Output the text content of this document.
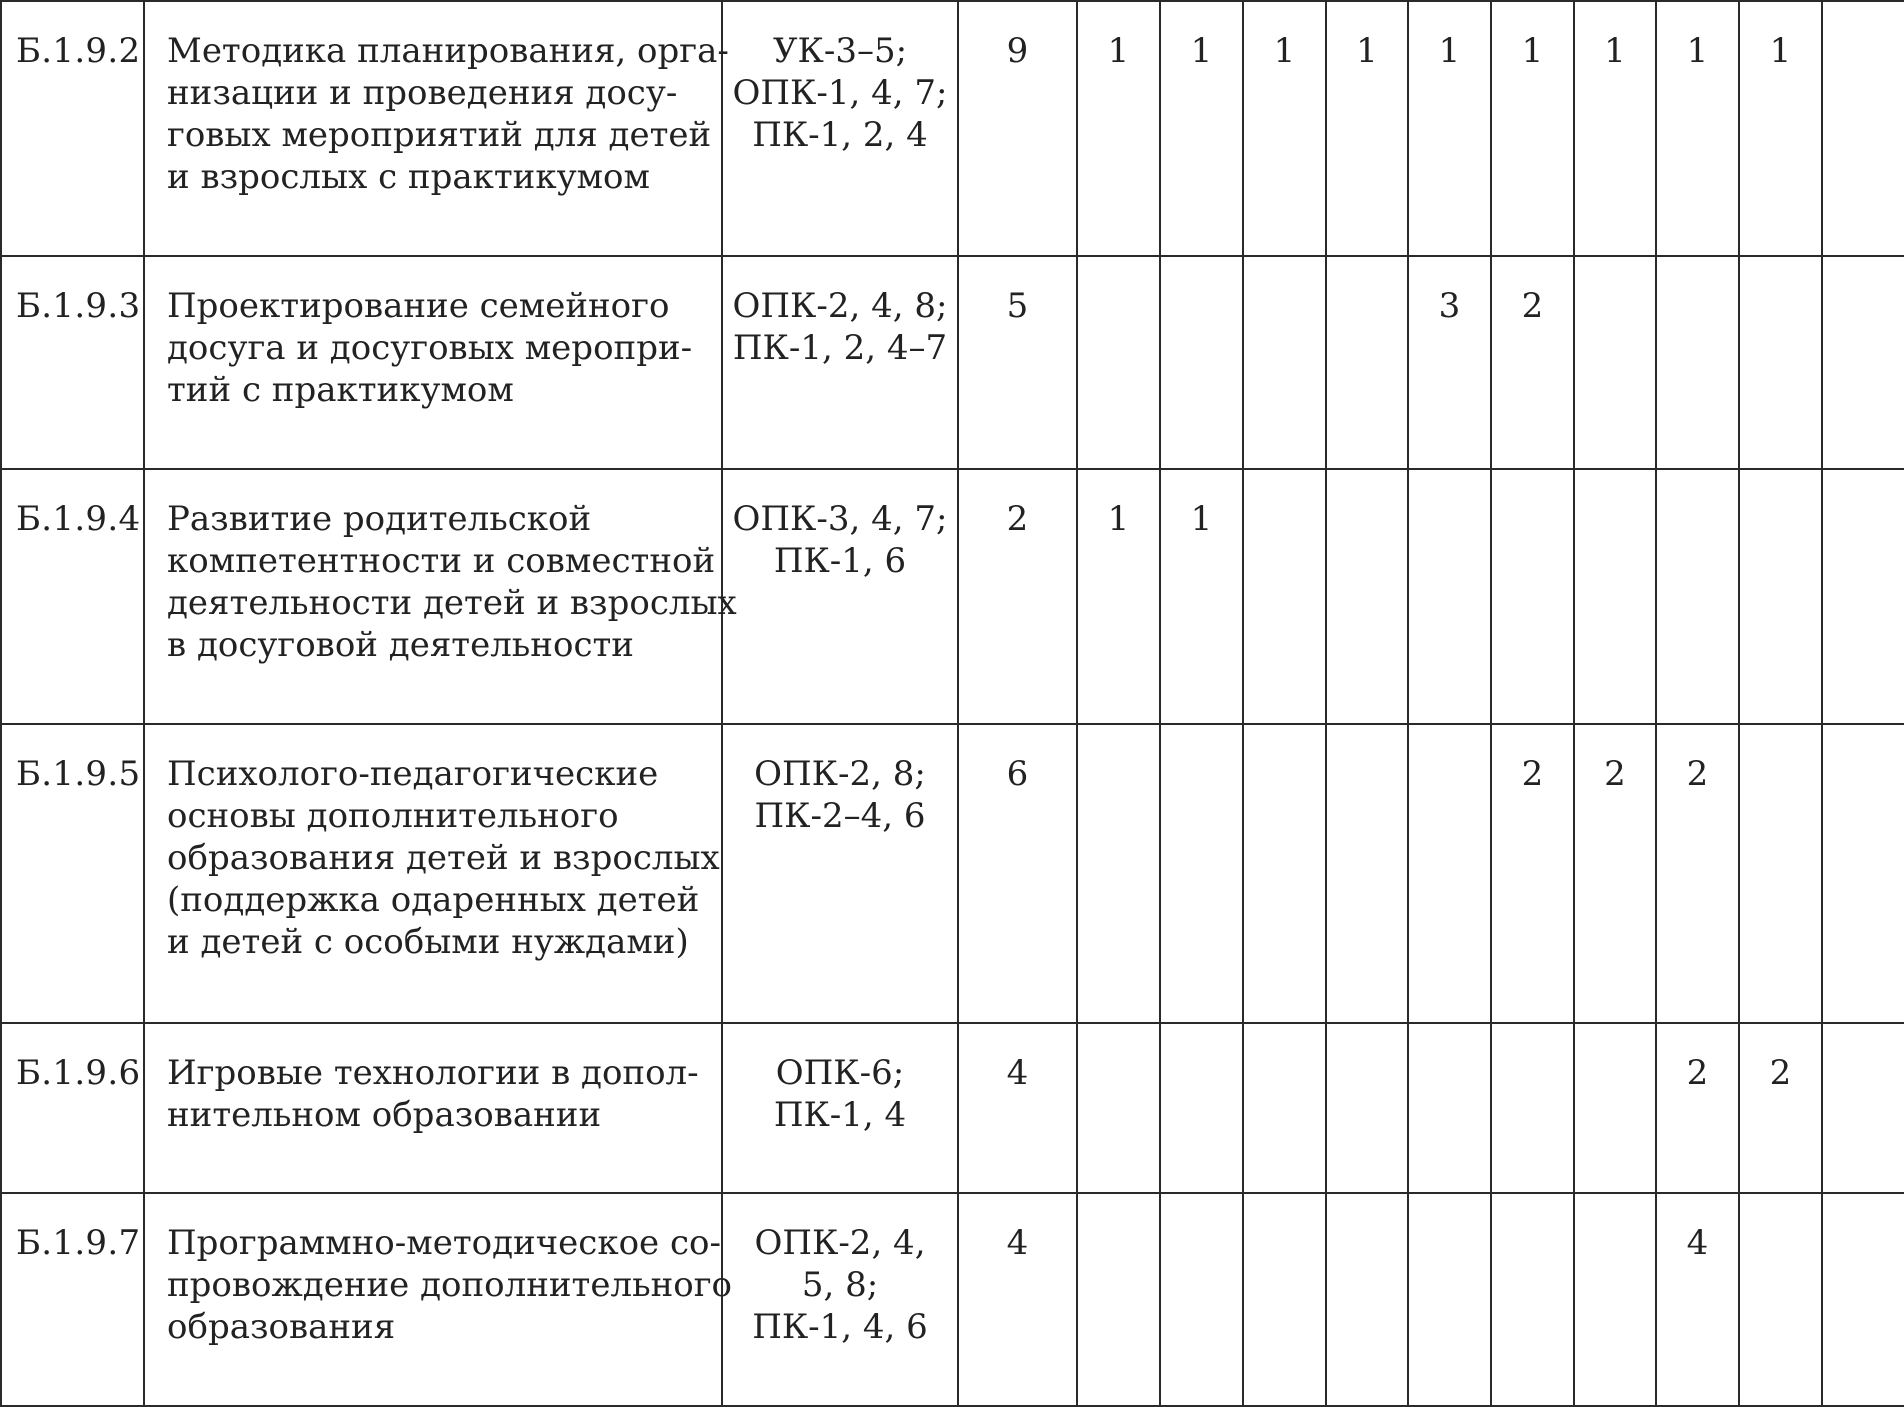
Б.1.9.2	Методика планирования, орга-
низации и проведения досу-
говых мероприятий для детей
и взрослых с практикумом	УК-3–5;
ОПК-1, 4, 7;
ПК-1, 2, 4	9	1	1	1	1	1	1	1	1	1	
Б.1.9.3	Проектирование семейного
досуга и досуговых меропри-
тий с практикумом	ОПК-2, 4, 8;
ПК-1, 2, 4–7	5					3	2				
Б.1.9.4	Развитие родительской
компетентности и совместной
деятельности детей и взрослых
в досуговой деятельности	ОПК-3, 4, 7;
ПК-1, 6	2	1	1								
Б.1.9.5	Психолого-педагогические
основы дополнительного
образования детей и взрослых
(поддержка одаренных детей
и детей с особыми нуждами)	ОПК-2, 8;
ПК-2–4, 6	6						2	2	2		
Б.1.9.6	Игровые технологии в допол-
нительном образовании	ОПК-6;
ПК-1, 4	4								2	2	
Б.1.9.7	Программно-методическое со-
провождение дополнительного
образования	ОПК-2, 4,
5, 8;
ПК-1, 4, 6	4								4		
